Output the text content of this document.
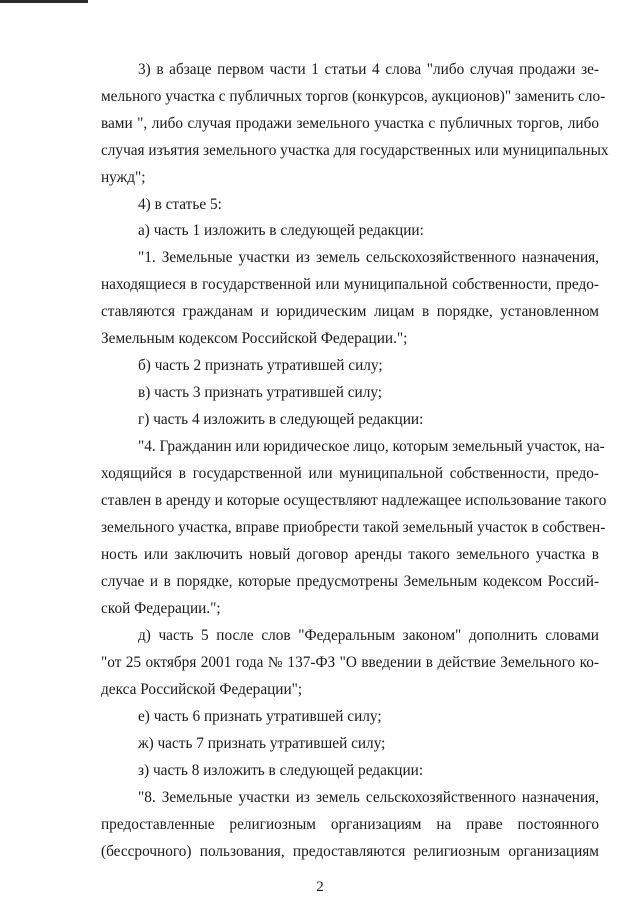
3) в абзаце первом части 1 статьи 4 слова "либо случая продажи зе-
мельного участка с публичных торгов (конкурсов, аукционов)" заменить сло-
вами ", либо случая продажи земельного участка с публичных торгов, либо
случая изъятия земельного участка для государственных или муниципальных
нужд";
4) в статье 5:
а) часть 1 изложить в следующей редакции:
"1. Земельные участки из земель сельскохозяйственного назначения,
находящиеся в государственной или муниципальной собственности, предо-
ставляются гражданам и юридическим лицам в порядке, установленном
Земельным кодексом Российской Федерации.";
б) часть 2 признать утратившей силу;
в) часть 3 признать утратившей силу;
г) часть 4 изложить в следующей редакции:
"4. Гражданин или юридическое лицо, которым земельный участок, на-
ходящийся в государственной или муниципальной собственности, предо-
ставлен в аренду и которые осуществляют надлежащее использование такого
земельного участка, вправе приобрести такой земельный участок в собствен-
ность или заключить новый договор аренды такого земельного участка в
случае и в порядке, которые предусмотрены Земельным кодексом Россий-
ской Федерации.";
д) часть 5 после слов "Федеральным законом" дополнить словами
"от 25 октября 2001 года № 137-ФЗ "О введении в действие Земельного ко-
декса Российской Федерации";
е) часть 6 признать утратившей силу;
ж) часть 7 признать утратившей силу;
з) часть 8 изложить в следующей редакции:
"8. Земельные участки из земель сельскохозяйственного назначения,
предоставленные религиозным организациям на праве постоянного
(бессрочного) пользования, предоставляются религиозным организациям
2
